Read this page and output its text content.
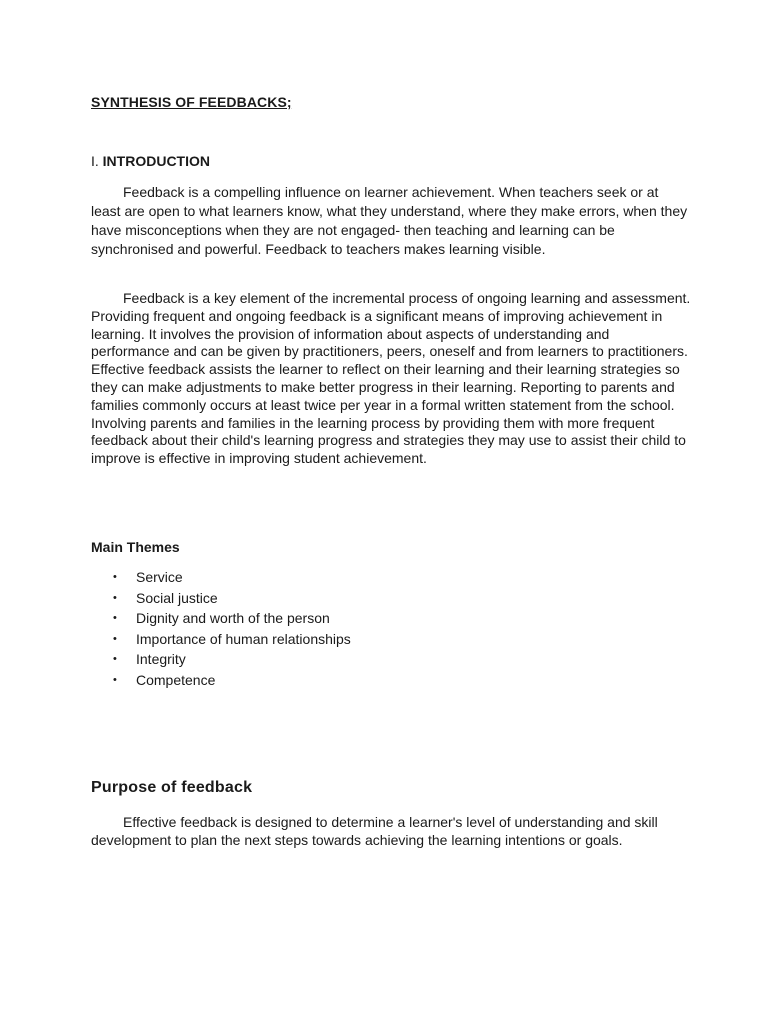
SYNTHESIS OF FEEDBACKS;
I. INTRODUCTION

Feedback is a compelling influence on learner achievement. When teachers seek or at least are open to what learners know, what they understand, where they make errors, when they have misconceptions when they are not engaged- then teaching and learning can be synchronised and powerful. Feedback to teachers makes learning visible.

Feedback is a key element of the incremental process of ongoing learning and assessment. Providing frequent and ongoing feedback is a significant means of improving achievement in learning. It involves the provision of information about aspects of understanding and performance and can be given by practitioners, peers, oneself and from learners to practitioners. Effective feedback assists the learner to reflect on their learning and their learning strategies so they can make adjustments to make better progress in their learning. Reporting to parents and families commonly occurs at least twice per year in a formal written statement from the school. Involving parents and families in the learning process by providing them with more frequent feedback about their child's learning progress and strategies they may use to assist their child to improve is effective in improving student achievement.

Main Themes
• Service
• Social justice
• Dignity and worth of the person
• Importance of human relationships
• Integrity
• Competence
Purpose of feedback

Effective feedback is designed to determine a learner's level of understanding and skill development to plan the next steps towards achieving the learning intentions or goals.
